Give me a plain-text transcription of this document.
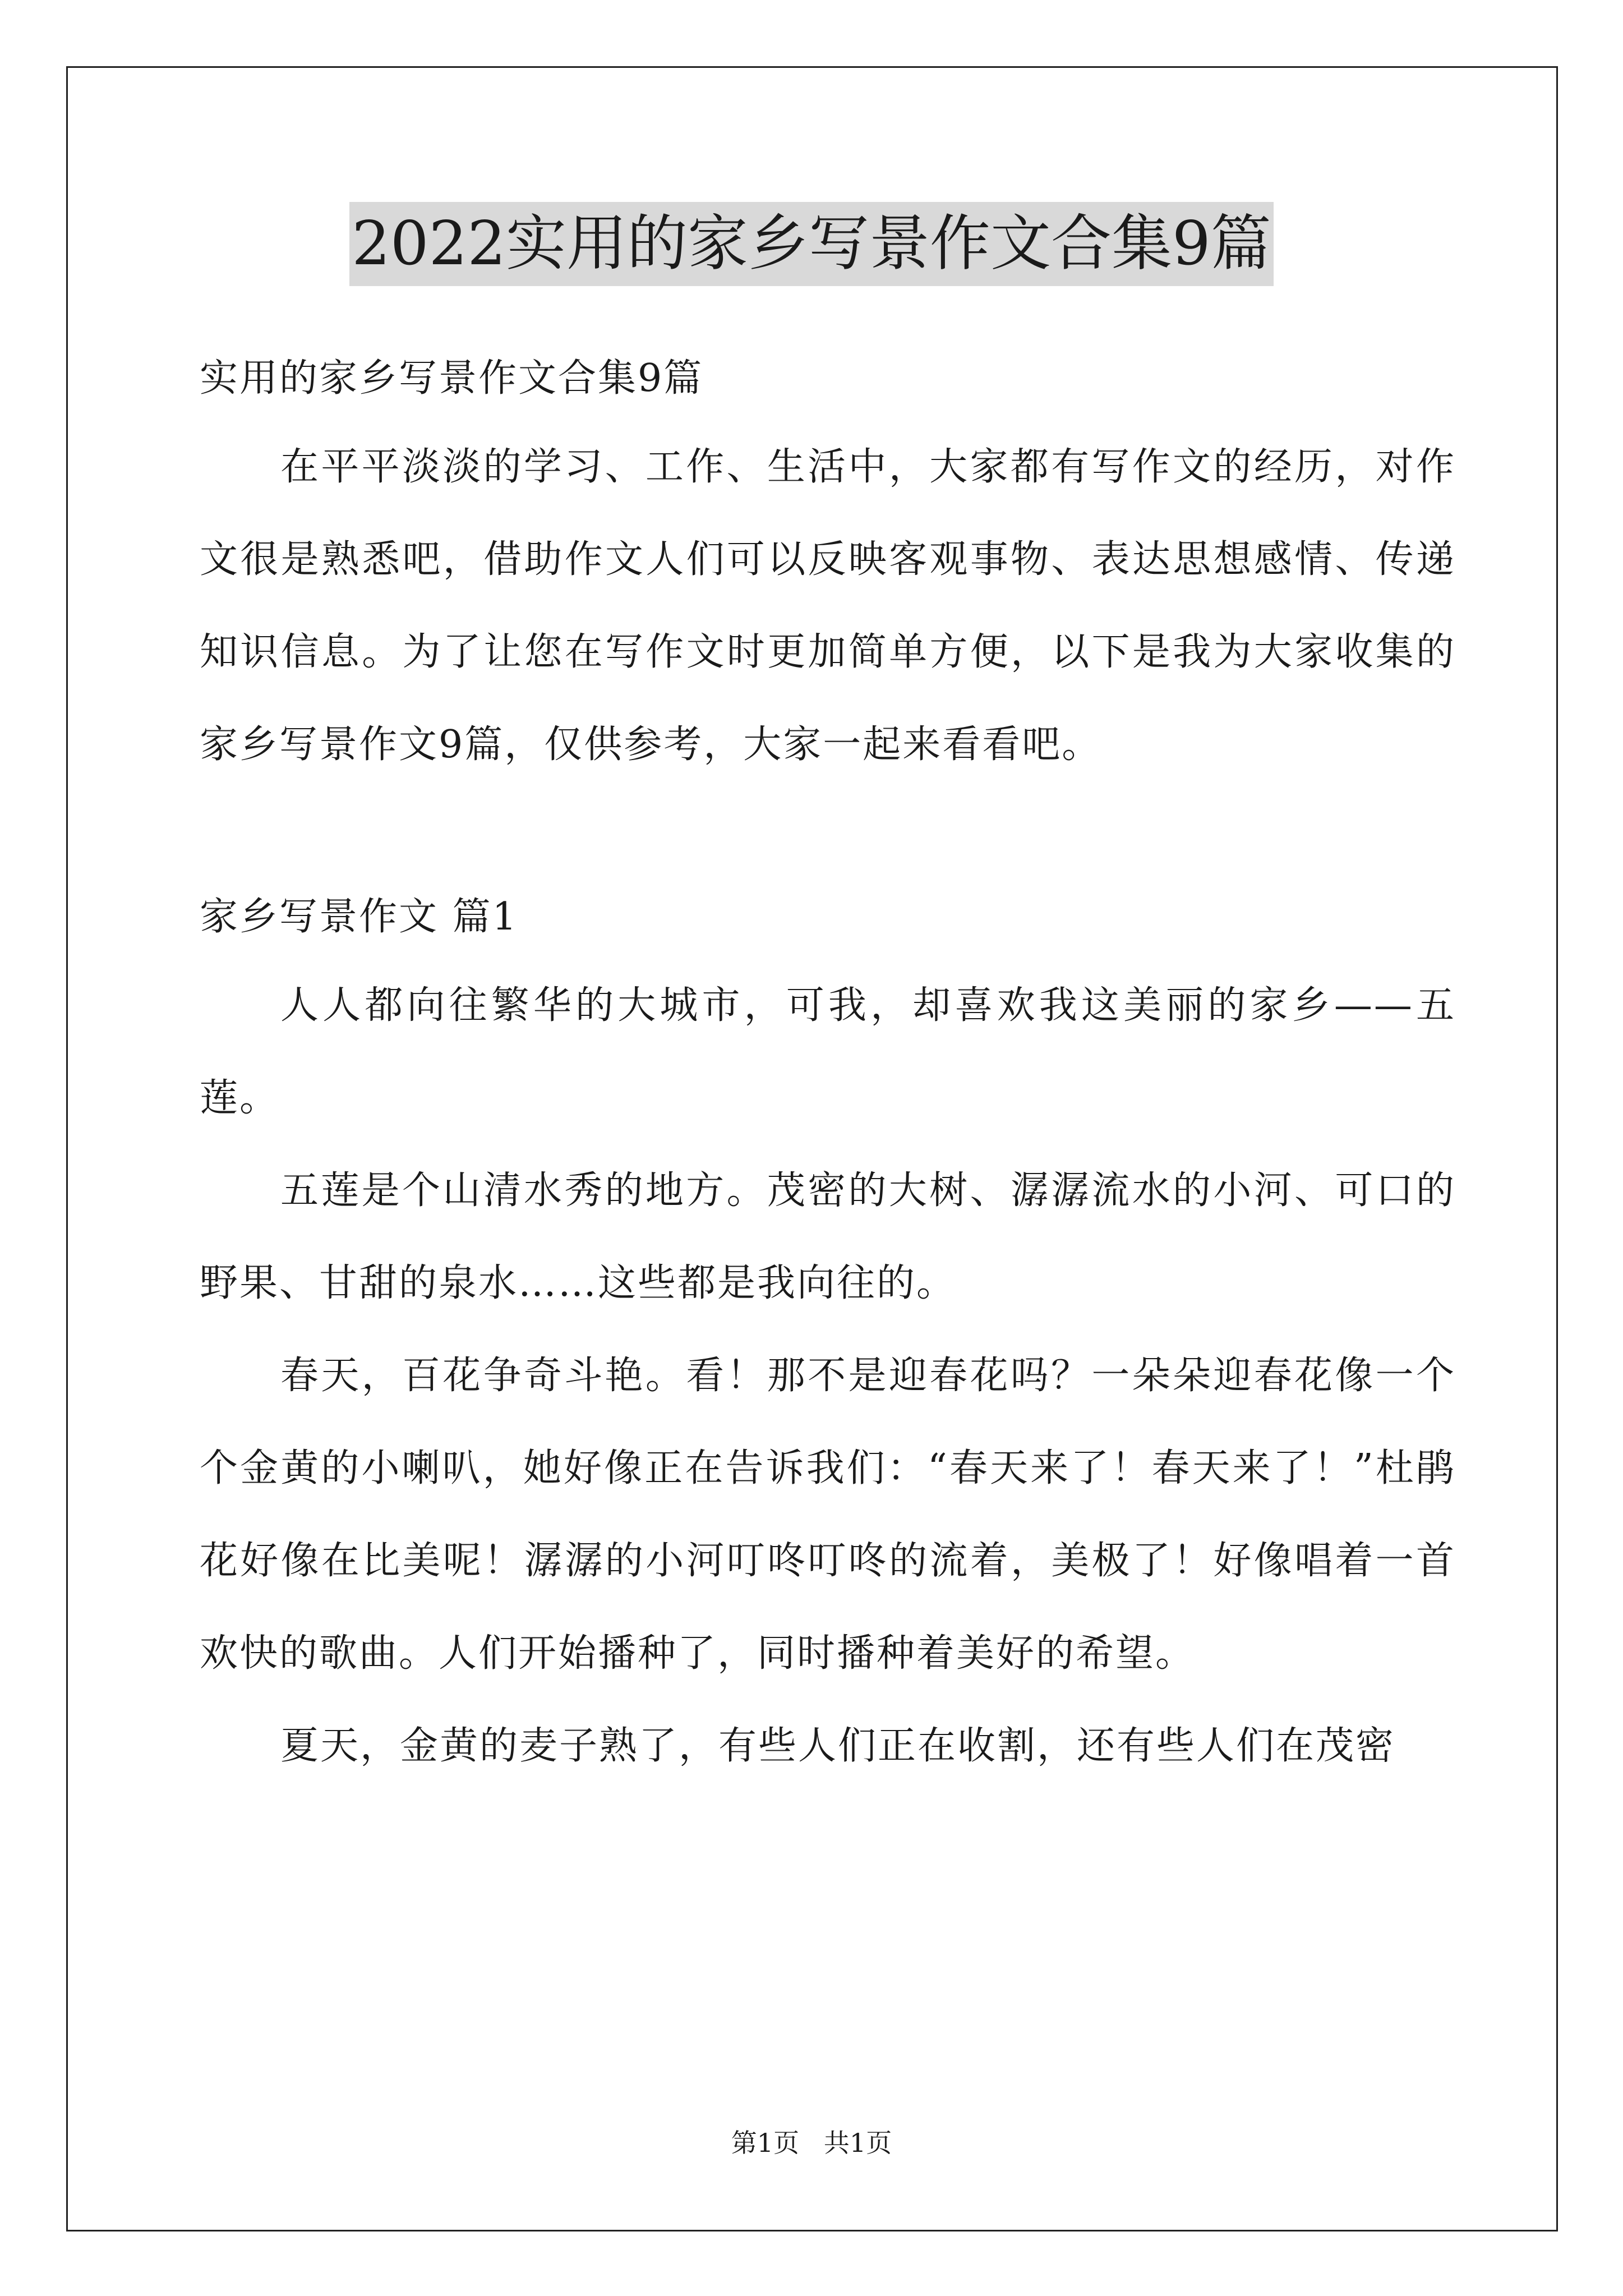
2022实用的家乡写景作文合集9篇

实用的家乡写景作文合集9篇

在平平淡淡的学习、工作、生活中，大家都有写作文的经历，对作文很是熟悉吧，借助作文人们可以反映客观事物、表达思想感情、传递知识信息。为了让您在写作文时更加简单方便，以下是我为大家收集的家乡写景作文9篇，仅供参考，大家一起来看看吧。

家乡写景作文 篇1

人人都向往繁华的大城市，可我，却喜欢我这美丽的家乡——五莲。

五莲是个山清水秀的地方。茂密的大树、潺潺流水的小河、可口的野果、甘甜的泉水……这些都是我向往的。

春天，百花争奇斗艳。看！那不是迎春花吗？一朵朵迎春花像一个个金黄的小喇叭，她好像正在告诉我们：“春天来了！春天来了！”杜鹃花好像在比美呢！潺潺的小河叮咚叮咚的流着，美极了！好像唱着一首欢快的歌曲。人们开始播种了，同时播种着美好的希望。

夏天，金黄的麦子熟了，有些人们正在收割，还有些人们在茂密

第1页   共1页
